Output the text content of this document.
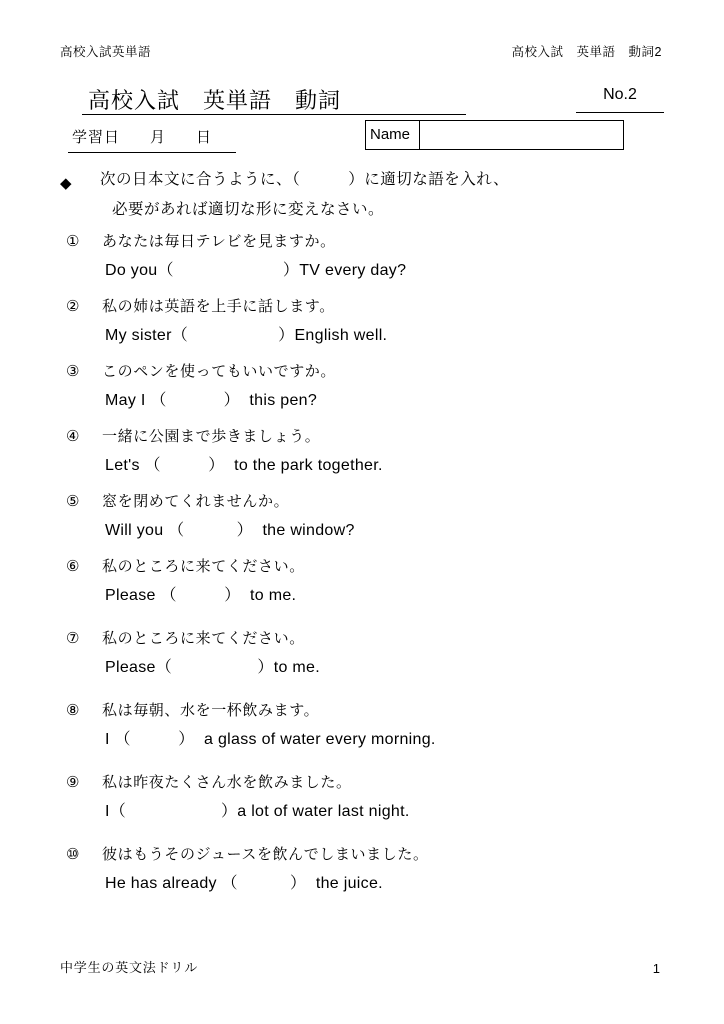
高校入試英単語	高校入試　英単語　動詞2
高校入試　英単語　動詞	No.2
学習日 月 日	Name
◆ 次の日本文に合うように、（　　　）に適切な語を入れ、
必要があれば適切な形に変えなさい。
① あなたは毎日テレビを見ますか。
Do you（                       ）TV every day?
② 私の姉は英語を上手に話します。
My sister（                   ）English well.
③ このペンを使ってもいいですか。
May I （            ）  this pen?
④ 一緒に公園まで歩きましょう。
Let's （          ）  to the park together.
⑤ 窓を閉めてくれませんか。
Will you （           ）  the window?
⑥ 私のところに来てください。
Please （          ）  to me.
⑦ 私のところに来てください。
Please（                  ）to me.
⑧ 私は毎朝、水を一杯飲みます。
I （          ）  a glass of water every morning.
⑨ 私は昨夜たくさん水を飲みました。
I（                    ）a lot of water last night.
⑩ 彼はもうそのジュースを飲んでしまいました。
He has already （           ）  the juice.
中学生の英文法ドリル	1
